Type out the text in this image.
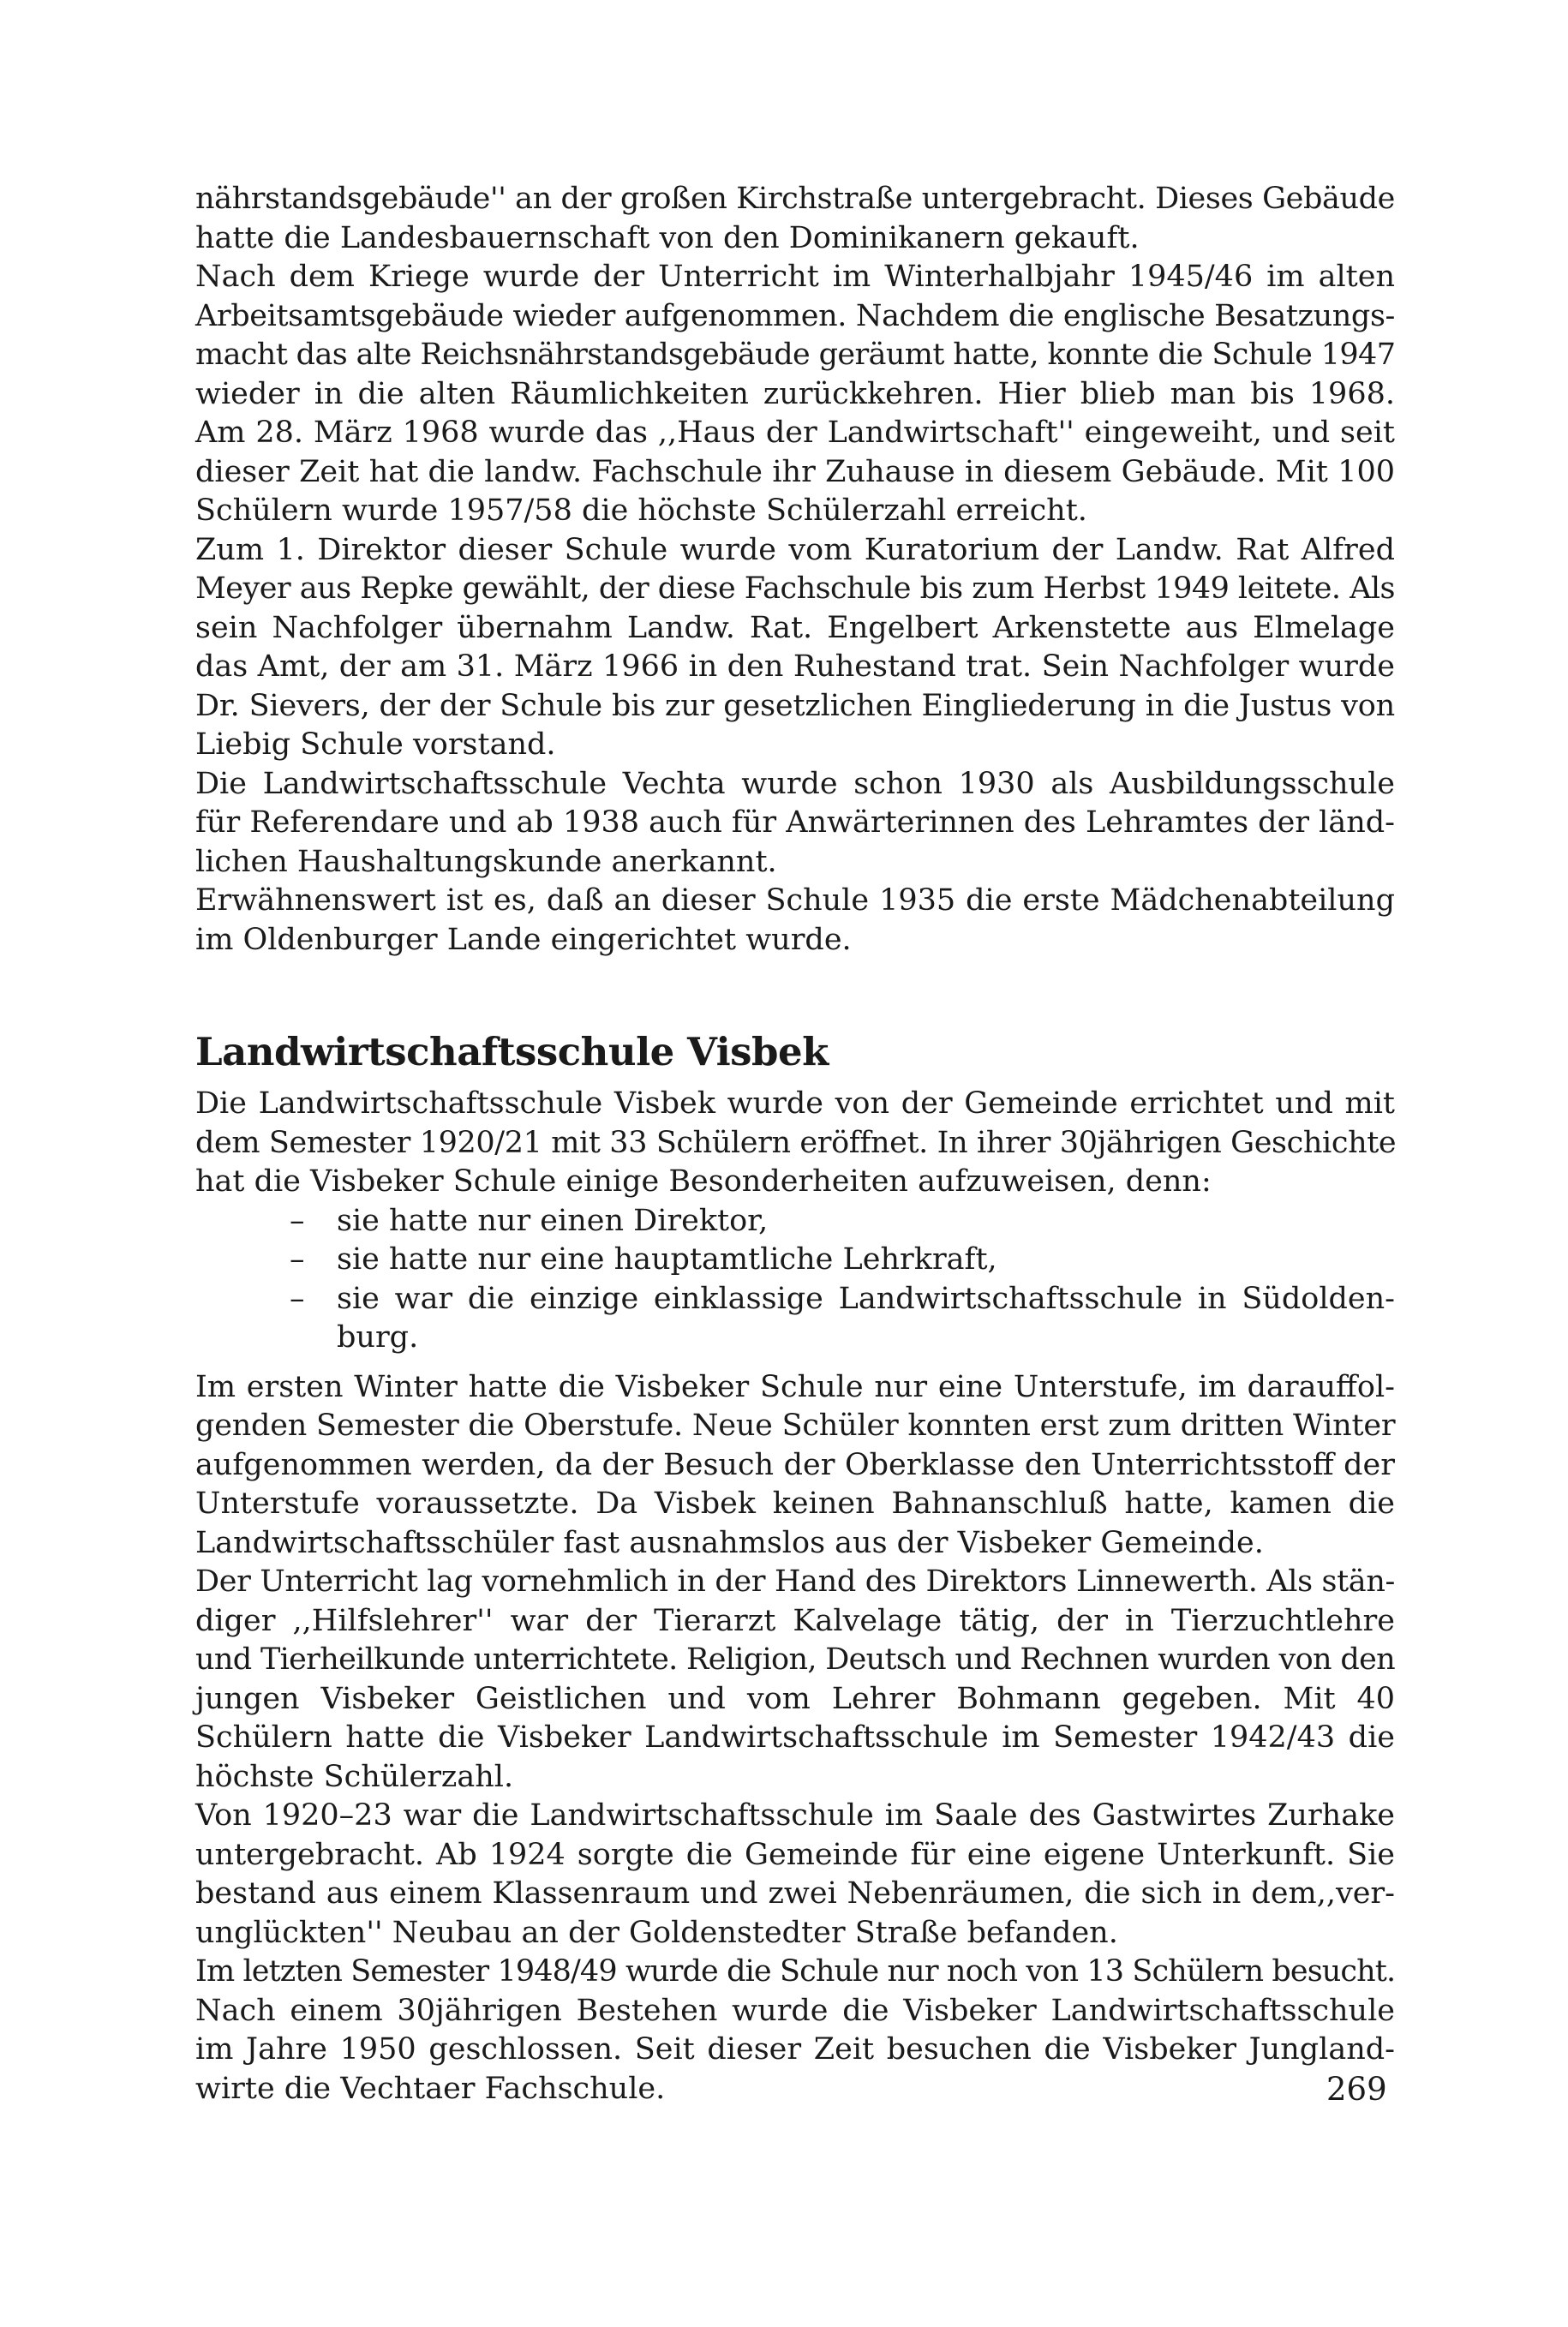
nährstandsgebäude'' an der großen Kirchstraße untergebracht. Dieses Gebäude
hatte die Landesbauernschaft von den Dominikanern gekauft.

Nach dem Kriege wurde der Unterricht im Winterhalbjahr 1945/46 im alten
Arbeitsamtsgebäude wieder aufgenommen. Nachdem die englische Besatzungs-
macht das alte Reichsnährstandsgebäude geräumt hatte, konnte die Schule 1947
wieder in die alten Räumlichkeiten zurückkehren. Hier blieb man bis 1968.
Am 28. März 1968 wurde das ,,Haus der Landwirtschaft'' eingeweiht, und seit
dieser Zeit hat die landw. Fachschule ihr Zuhause in diesem Gebäude. Mit 100
Schülern wurde 1957/58 die höchste Schülerzahl erreicht.

Zum 1. Direktor dieser Schule wurde vom Kuratorium der Landw. Rat Alfred
Meyer aus Repke gewählt, der diese Fachschule bis zum Herbst 1949 leitete. Als
sein Nachfolger übernahm Landw. Rat. Engelbert Arkenstette aus Elmelage
das Amt, der am 31. März 1966 in den Ruhestand trat. Sein Nachfolger wurde
Dr. Sievers, der der Schule bis zur gesetzlichen Eingliederung in die Justus von
Liebig Schule vorstand.

Die Landwirtschaftsschule Vechta wurde schon 1930 als Ausbildungsschule
für Referendare und ab 1938 auch für Anwärterinnen des Lehramtes der länd-
lichen Haushaltungskunde anerkannt.

Erwähnenswert ist es, daß an dieser Schule 1935 die erste Mädchenabteilung
im Oldenburger Lande eingerichtet wurde.

Landwirtschaftsschule Visbek

Die Landwirtschaftsschule Visbek wurde von der Gemeinde errichtet und mit
dem Semester 1920/21 mit 33 Schülern eröffnet. In ihrer 30jährigen Geschichte
hat die Visbeker Schule einige Besonderheiten aufzuweisen, denn:

– sie hatte nur einen Direktor,
– sie hatte nur eine hauptamtliche Lehrkraft,
– sie war die einzige einklassige Landwirtschaftsschule in Südolden-
burg.

Im ersten Winter hatte die Visbeker Schule nur eine Unterstufe, im darauffol-
genden Semester die Oberstufe. Neue Schüler konnten erst zum dritten Winter
aufgenommen werden, da der Besuch der Oberklasse den Unterrichtsstoff der
Unterstufe voraussetzte. Da Visbek keinen Bahnanschluß hatte, kamen die
Landwirtschaftsschüler fast ausnahmslos aus der Visbeker Gemeinde.

Der Unterricht lag vornehmlich in der Hand des Direktors Linnewerth. Als stän-
diger ,,Hilfslehrer'' war der Tierarzt Kalvelage tätig, der in Tierzuchtlehre
und Tierheilkunde unterrichtete. Religion, Deutsch und Rechnen wurden von den
jungen Visbeker Geistlichen und vom Lehrer Bohmann gegeben. Mit 40
Schülern hatte die Visbeker Landwirtschaftsschule im Semester 1942/43 die
höchste Schülerzahl.

Von 1920–23 war die Landwirtschaftsschule im Saale des Gastwirtes Zurhake
untergebracht. Ab 1924 sorgte die Gemeinde für eine eigene Unterkunft. Sie
bestand aus einem Klassenraum und zwei Nebenräumen, die sich in dem,,ver-
unglückten'' Neubau an der Goldenstedter Straße befanden.

Im letzten Semester 1948/49 wurde die Schule nur noch von 13 Schülern besucht.
Nach einem 30jährigen Bestehen wurde die Visbeker Landwirtschaftsschule
im Jahre 1950 geschlossen. Seit dieser Zeit besuchen die Visbeker Jungland-
wirte die Vechtaer Fachschule.	269
